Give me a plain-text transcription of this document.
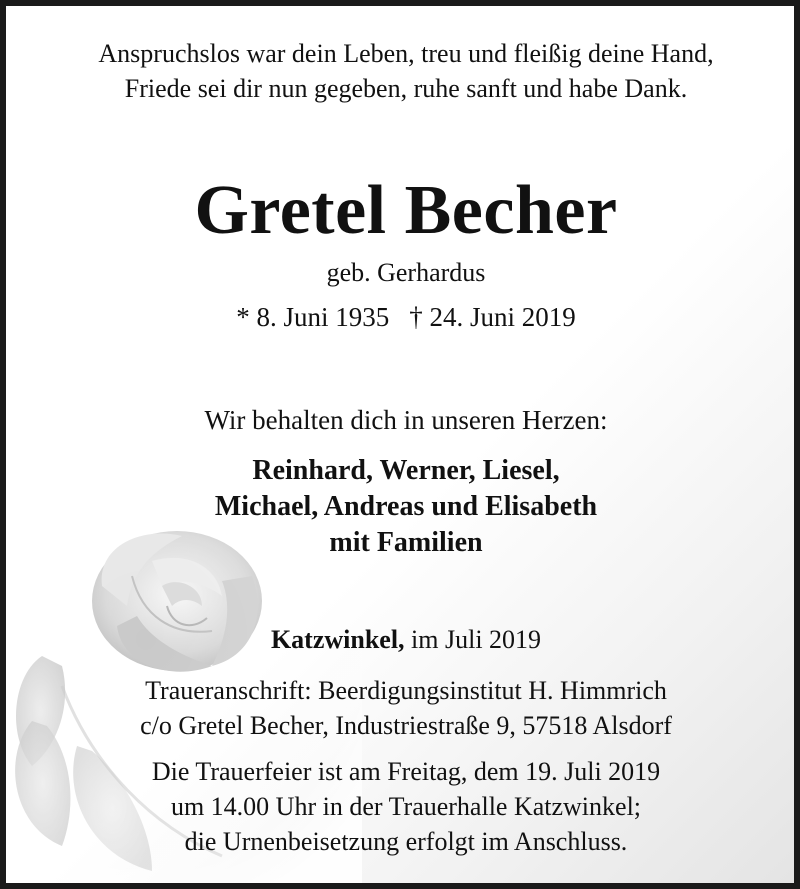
Anspruchslos war dein Leben, treu und fleißig deine Hand,
Friede sei dir nun gegeben, ruhe sanft und habe Dank.
Gretel Becher
geb. Gerhardus
* 8. Juni 1935 † 24. Juni 2019
Wir behalten dich in unseren Herzen:
Reinhard, Werner, Liesel,
Michael, Andreas und Elisabeth
mit Familien
Katzwinkel, im Juli 2019
Traueranschrift: Beerdigungsinstitut H. Himmrich
c/o Gretel Becher, Industriestraße 9, 57518 Alsdorf
Die Trauerfeier ist am Freitag, dem 19. Juli 2019
um 14.00 Uhr in der Trauerhalle Katzwinkel;
die Urnenbeisetzung erfolgt im Anschluss.
